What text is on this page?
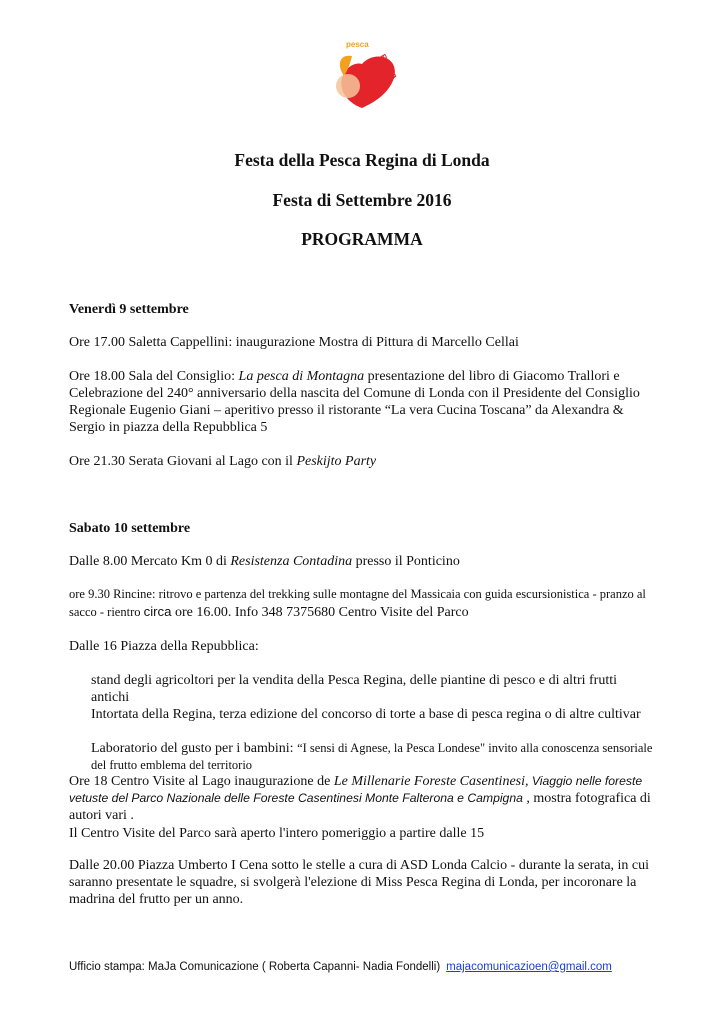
pesca
Regina
Festa della Pesca Regina di Londa
Festa di Settembre 2016
PROGRAMMA

Venerdì 9 settembre

Ore 17.00 Saletta Cappellini: inaugurazione Mostra di Pittura di Marcello Cellai

Ore 18.00 Sala del Consiglio: La pesca di Montagna presentazione del libro di Giacomo Trallori e Celebrazione del 240° anniversario della nascita del Comune di Londa con il Presidente del Consiglio Regionale Eugenio Giani – aperitivo presso il ristorante “La vera Cucina Toscana” da Alexandra & Sergio in piazza della Repubblica 5

Ore 21.30 Serata Giovani al Lago con il Peskijto Party

Sabato 10 settembre

Dalle 8.00 Mercato Km 0 di Resistenza Contadina presso il Ponticino

ore 9.30 Rincine: ritrovo e partenza del trekking sulle montagne del Massicaia con guida escursionistica - pranzo al sacco - rientro circa ore 16.00. Info 348 7375680 Centro Visite del Parco

Dalle 16 Piazza della Repubblica:

stand degli agricoltori per la vendita della Pesca Regina, delle piantine di pesco e di altri frutti antichi

Intortata della Regina, terza edizione del concorso di torte a base di pesca regina o di altre cultivar

Laboratorio del gusto per i bambini: “I sensi di Agnese, la Pesca Londese" invito alla conoscenza sensoriale del frutto emblema del territorio

Ore 18 Centro Visite al Lago inaugurazione de Le Millenarie Foreste Casentinesi, Viaggio nelle foreste vetuste del Parco Nazionale delle Foreste Casentinesi Monte Falterona e Campigna , mostra fotografica di autori vari .

Il Centro Visite del Parco sarà aperto l'intero pomeriggio a partire dalle 15

Dalle 20.00 Piazza Umberto I Cena sotto le stelle a cura di ASD Londa Calcio - durante la serata, in cui saranno presentate le squadre, si svolgerà l'elezione di Miss Pesca Regina di Londa, per incoronare la madrina del frutto per un anno.

Ufficio stampa: MaJa Comunicazione ( Roberta Capanni- Nadia Fondelli) majacomunicazioen@gmail.com
